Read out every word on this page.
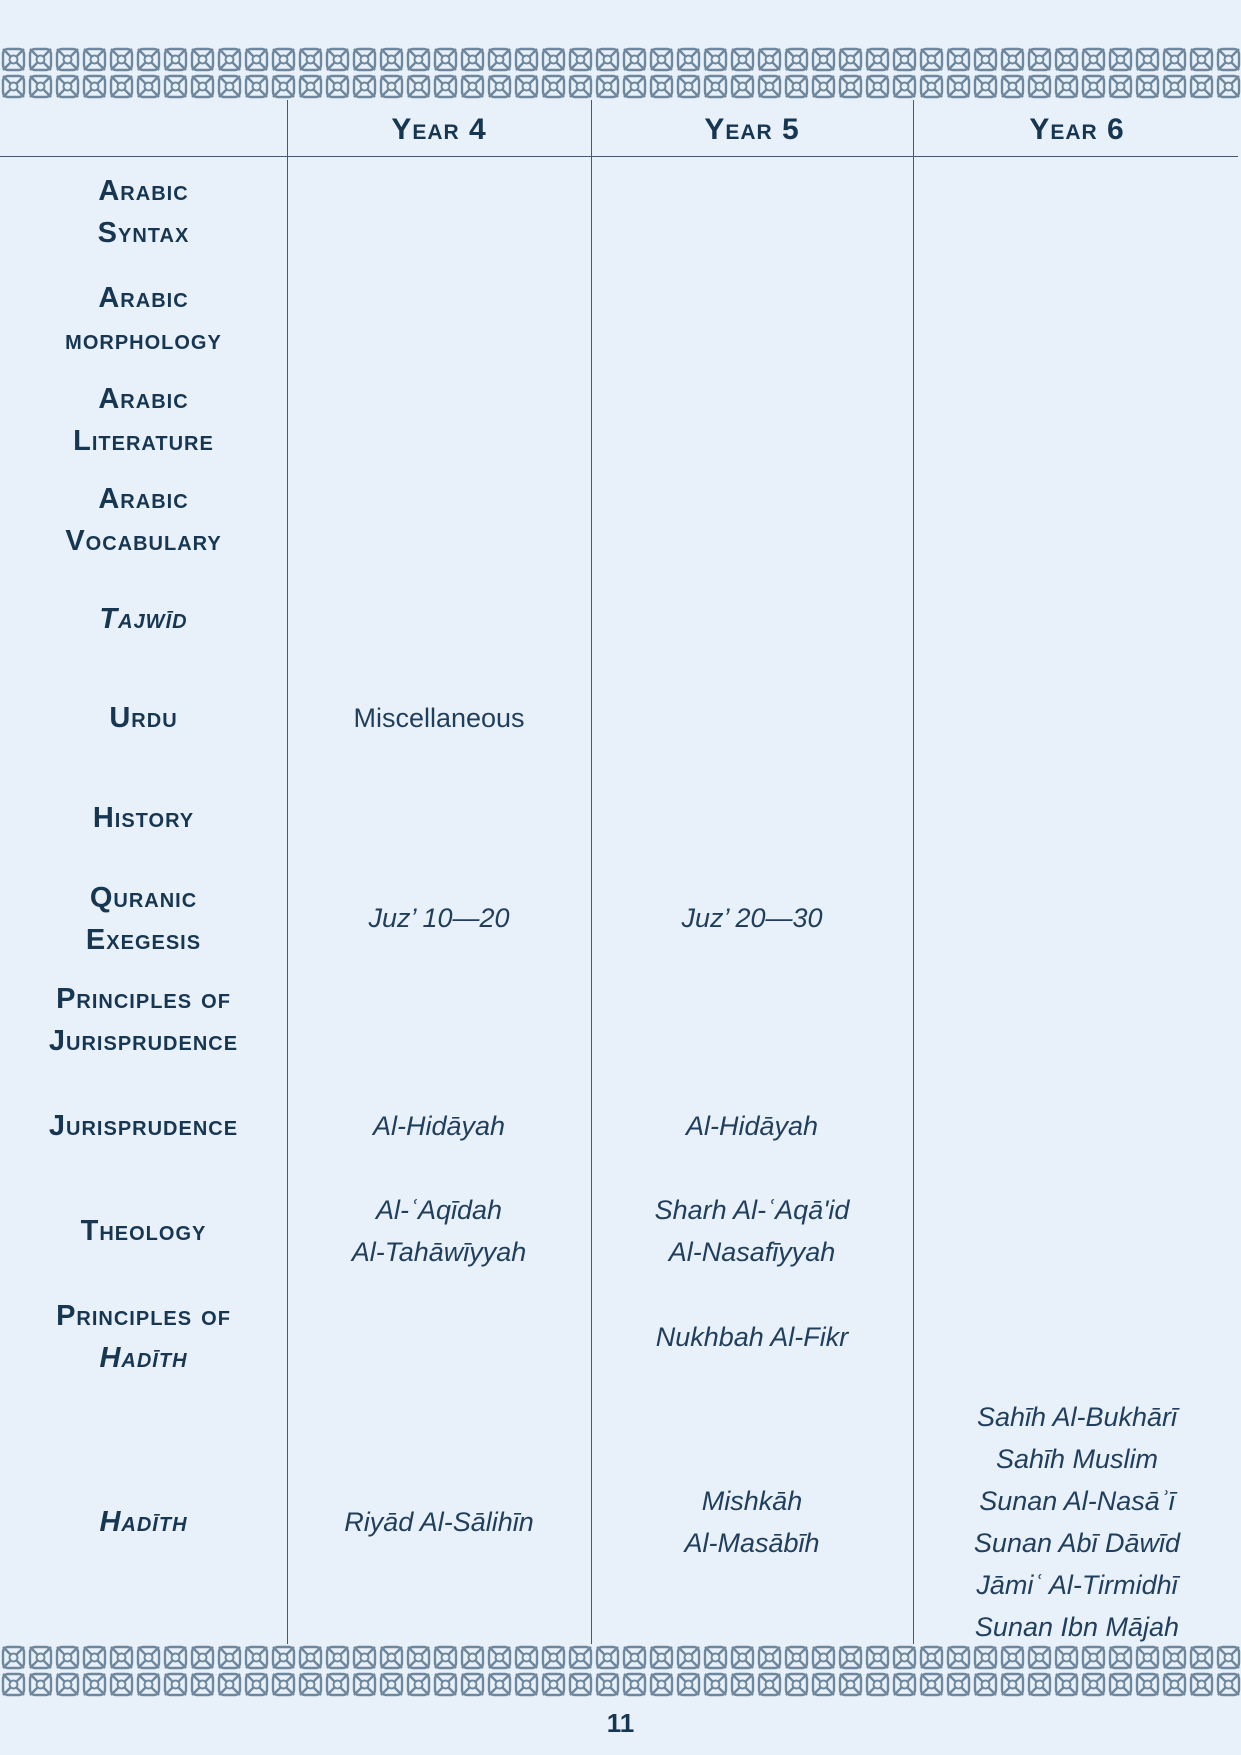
Year 4	Year 5	Year 6
Arabic
Syntax
Arabic
morphology
Arabic
Literature
Arabic
Vocabulary
Tajwīd
Urdu
History
Quranic
Exegesis
Principles of
Jurisprudence
Jurisprudence
Theology
Principles of
Hadīth
Hadīth
Miscellaneous
Juz’ 10—20
Al-Hidāyah
Al-ʿAqīdah
Al-Tahāwīyyah
Riyād Al-Sālihīn
Juz’ 20—30
Al-Hidāyah
Sharh Al-ʿAqā'id
Al-Nasafīyyah
Nukhbah Al-Fikr
Mishkāh
Al-Masābīh
Sahīh Al-Bukhārī
Sahīh Muslim
Sunan Al-Nasāʾī
Sunan Abī Dāwīd
Jāmiʿ Al-Tirmidhī
Sunan Ibn Mājah
11
